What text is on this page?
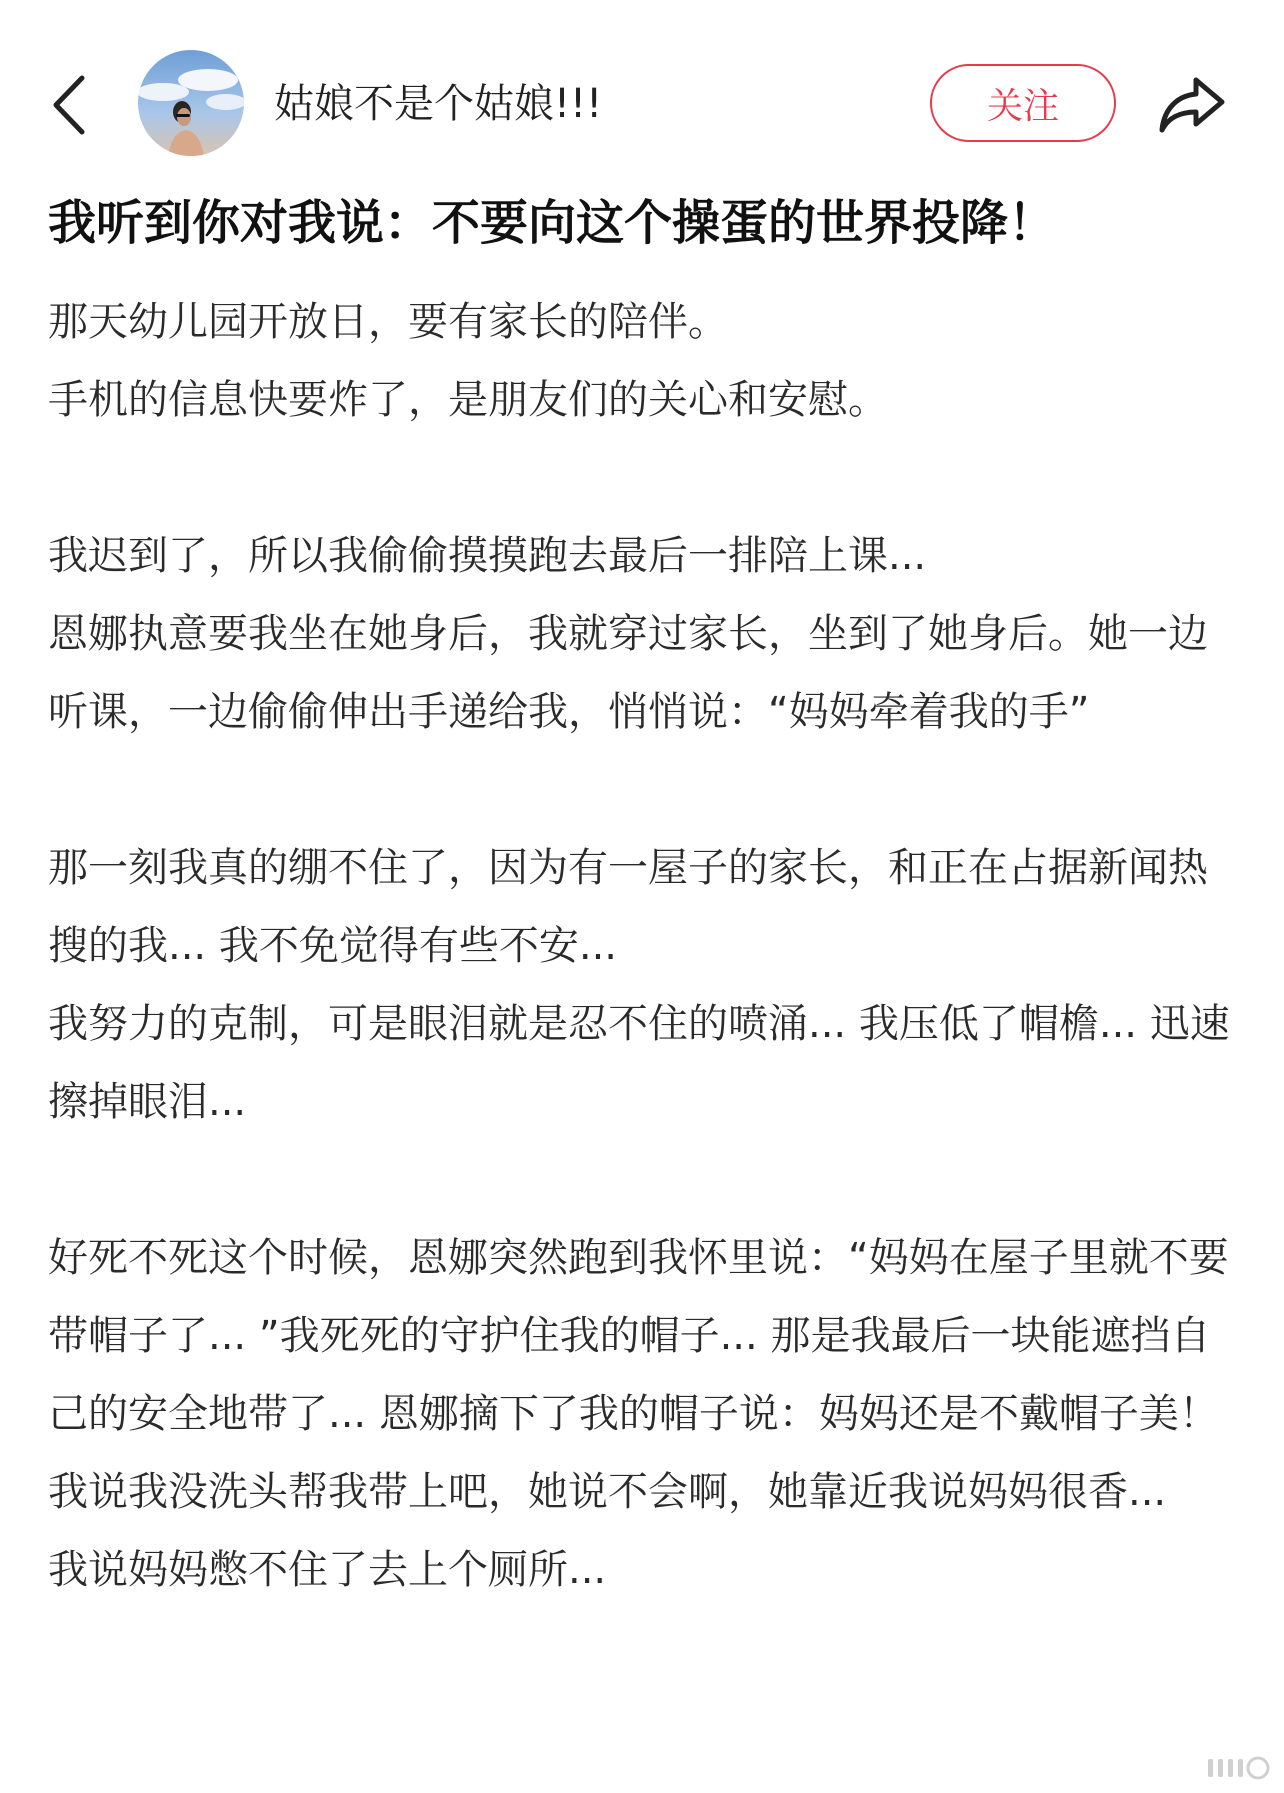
姑娘不是个姑娘!!!	关注
我听到你对我说：不要向这个操蛋的世界投降！

那天幼儿园开放日，要有家长的陪伴。
手机的信息快要炸了，是朋友们的关心和安慰。

我迟到了，所以我偷偷摸摸跑去最后一排陪上课...
恩娜执意要我坐在她身后，我就穿过家长，坐到了她身后。她一边听课，一边偷偷伸出手递给我，悄悄说：“妈妈牵着我的手”

那一刻我真的绷不住了，因为有一屋子的家长，和正在占据新闻热搜的我... 我不免觉得有些不安...
我努力的克制，可是眼泪就是忍不住的喷涌... 我压低了帽檐... 迅速擦掉眼泪...

好死不死这个时候，恩娜突然跑到我怀里说：“妈妈在屋子里就不要带帽子了... ”我死死的守护住我的帽子... 那是我最后一块能遮挡自己的安全地带了... 恩娜摘下了我的帽子说：妈妈还是不戴帽子美！ 我说我没洗头帮我带上吧，她说不会啊，她靠近我说妈妈很香...
我说妈妈憋不住了去上个厕所...
